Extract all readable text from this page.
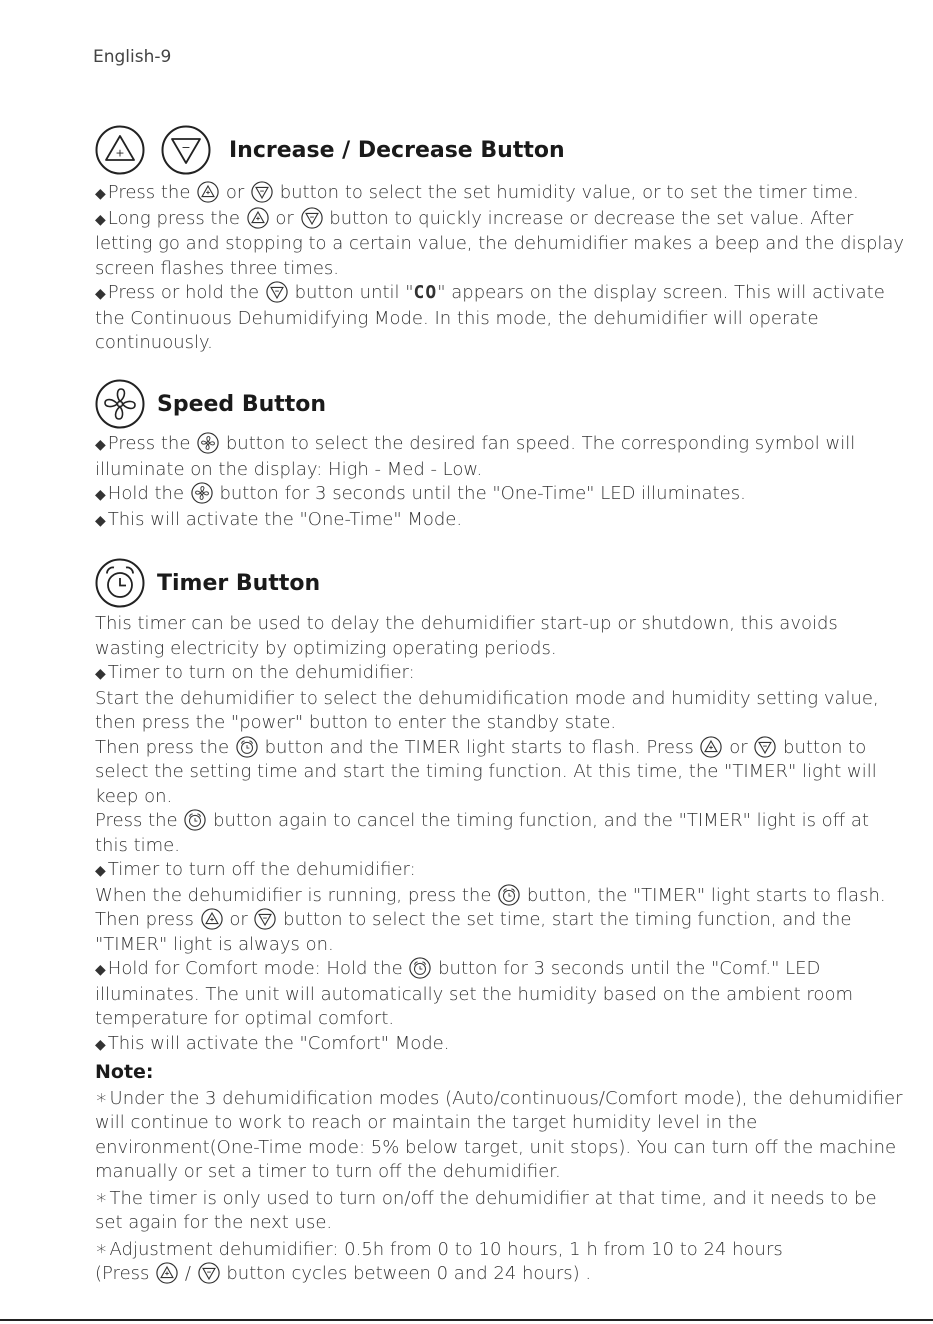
English-9
+	− Increase / Decrease Button

◆ Press the  or  button to select the set humidity value, or to set the timer time.

◆ Long press the  or  button to quickly increase or decrease the set value. After letting go and stopping to a certain value, the dehumidifier makes a beep and the display screen flashes three times.

◆ Press or hold the  button until "CO" appears on the display screen. This will activate the Continuous Dehumidifying Mode. In this mode, the dehumidifier will operate continuously.

Speed Button

◆ Press the  button to select the desired fan speed. The corresponding symbol will illuminate on the display: High - Med - Low.

◆ Hold the  button for 3 seconds until the "One-Time" LED illuminates.

◆ This will activate the "One-Time" Mode.

Timer Button

This timer can be used to delay the dehumidifier start-up or shutdown, this avoids wasting electricity by optimizing operating periods.

◆ Timer to turn on the dehumidifier:

Start the dehumidifier to select the dehumidification mode and humidity setting value, then press the "power" button to enter the standby state.

Then press the  button and the TIMER light starts to flash. Press  or  button to select the setting time and start the timing function. At this time, the "TIMER" light will keep on.

Press the  button again to cancel the timing function, and the "TIMER" light is off at this time.

◆ Timer to turn off the dehumidifier:

When the dehumidifier is running, press the  button, the "TIMER" light starts to flash. Then press  or  button to select the set time, start the timing function, and the "TIMER" light is always on.

◆ Hold for Comfort mode: Hold the  button for 3 seconds until the "Comf." LED illuminates. The unit will automatically set the humidity based on the ambient room temperature for optimal comfort.

◆ This will activate the "Comfort" Mode.

Note:

∗ Under the 3 dehumidification modes (Auto/continuous/Comfort mode), the dehumidifier will continue to work to reach or maintain the target humidity level in the environment(One-Time mode: 5% below target, unit stops). You can turn off the machine manually or set a timer to turn off the dehumidifier.

∗ The timer is only used to turn on/off the dehumidifier at that time, and it needs to be set again for the next use.

∗ Adjustment dehumidifier: 0.5h from 0 to 10 hours, 1 h from 10 to 24 hours

(Press  /  button cycles between 0 and 24 hours) .
